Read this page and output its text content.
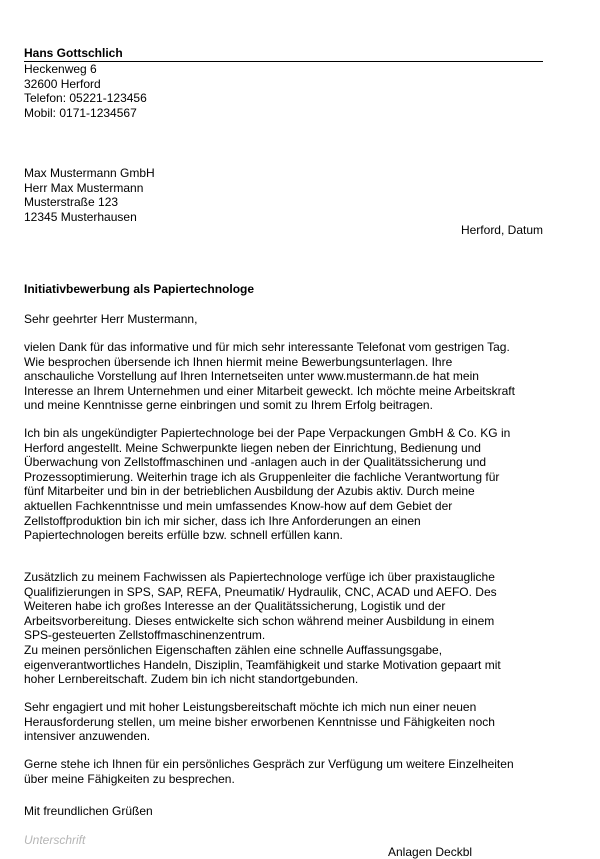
Hans Gottschlich
Heckenweg 6
32600 Herford
Telefon: 05221-123456
Mobil: 0171-1234567
Max Mustermann GmbH
Herr Max Mustermann
Musterstraße 123
12345 Musterhausen
Herford, Datum
Initiativbewerbung als Papiertechnologe
Sehr geehrter Herr Mustermann,
vielen Dank für das informative und für mich sehr interessante Telefonat vom gestrigen Tag.
Wie besprochen übersende ich Ihnen hiermit meine Bewerbungsunterlagen. Ihre
anschauliche Vorstellung auf Ihren Internetseiten unter www.mustermann.de hat mein
Interesse an Ihrem Unternehmen und einer Mitarbeit geweckt. Ich möchte meine Arbeitskraft
und meine Kenntnisse gerne einbringen und somit zu Ihrem Erfolg beitragen.
Ich bin als ungekündigter Papiertechnologe bei der Pape Verpackungen GmbH & Co. KG in
Herford angestellt. Meine Schwerpunkte liegen neben der Einrichtung, Bedienung und
Überwachung von Zellstoffmaschinen und -anlagen auch in der Qualitätssicherung und
Prozessoptimierung. Weiterhin trage ich als Gruppenleiter die fachliche Verantwortung für
fünf Mitarbeiter und bin in der betrieblichen Ausbildung der Azubis aktiv. Durch meine
aktuellen Fachkenntnisse und mein umfassendes Know-how auf dem Gebiet der
Zellstoffproduktion bin ich mir sicher, dass ich Ihre Anforderungen an einen
Papiertechnologen bereits erfülle bzw. schnell erfüllen kann.
Zusätzlich zu meinem Fachwissen als Papiertechnologe verfüge ich über praxistaugliche
Qualifizierungen in SPS, SAP, REFA, Pneumatik/ Hydraulik, CNC, ACAD und AEFO. Des
Weiteren habe ich großes Interesse an der Qualitätssicherung, Logistik und der
Arbeitsvorbereitung. Dieses entwickelte sich schon während meiner Ausbildung in einem
SPS-gesteuerten Zellstoffmaschinenzentrum.
Zu meinen persönlichen Eigenschaften zählen eine schnelle Auffassungsgabe,
eigenverantwortliches Handeln, Disziplin, Teamfähigkeit und starke Motivation gepaart mit
hoher Lernbereitschaft. Zudem bin ich nicht standortgebunden.
Sehr engagiert und mit hoher Leistungsbereitschaft möchte ich mich nun einer neuen
Herausforderung stellen, um meine bisher erworbenen Kenntnisse und Fähigkeiten noch
intensiver anzuwenden.
Gerne stehe ich Ihnen für ein persönliches Gespräch zur Verfügung um weitere Einzelheiten
über meine Fähigkeiten zu besprechen.
Mit freundlichen Grüßen
Unterschrift
Anlagen Deckbl
